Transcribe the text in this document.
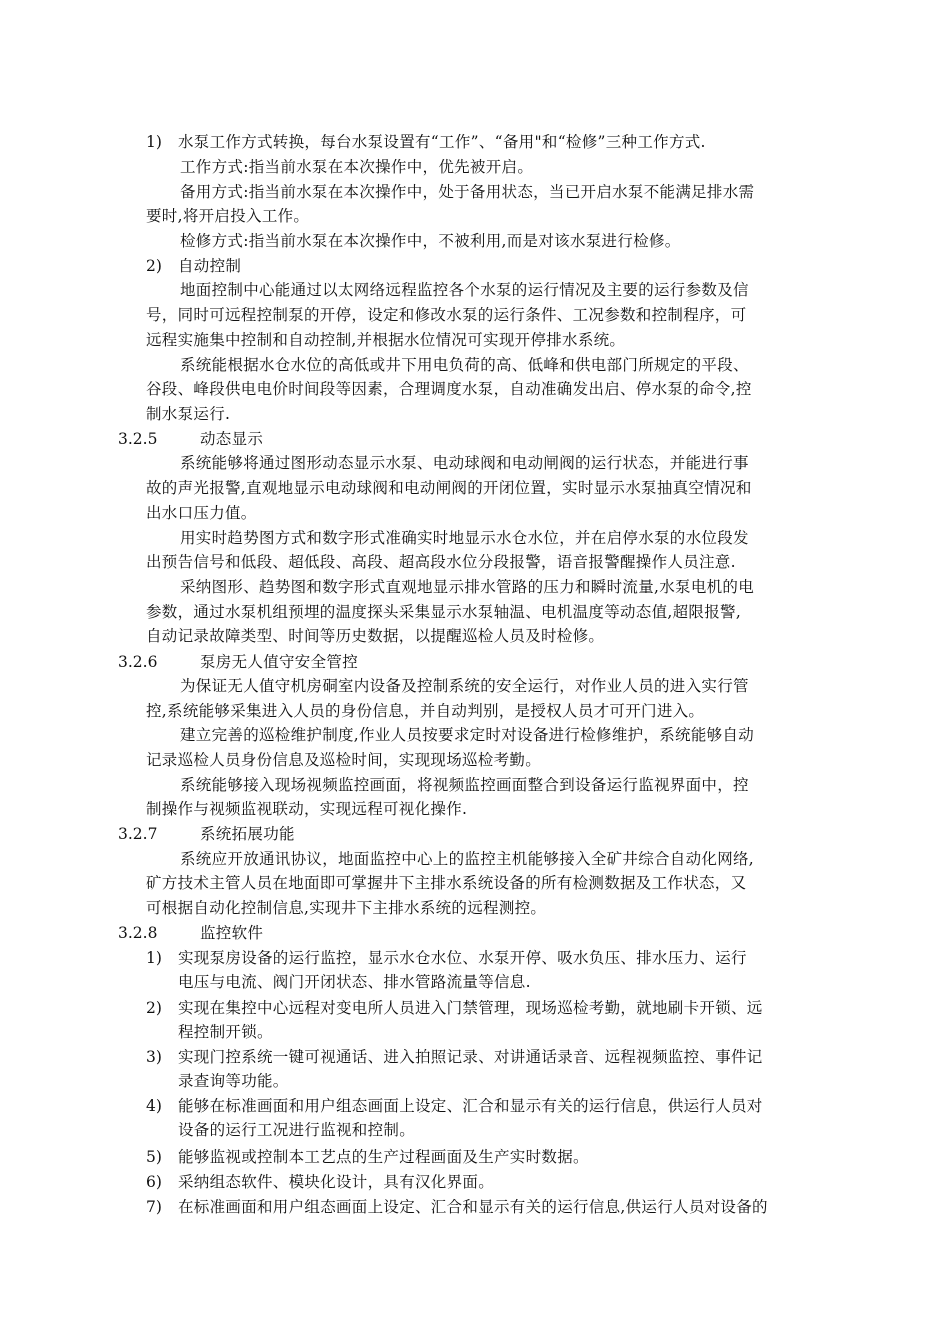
1) 水泵工作方式转换，每台水泵设置有“工作”、“备用"和“检修”三种工作方式.
工作方式:指当前水泵在本次操作中，优先被开启。
备用方式:指当前水泵在本次操作中，处于备用状态，当已开启水泵不能满足排水需
要时,将开启投入工作。
检修方式:指当前水泵在本次操作中，不被利用,而是对该水泵进行检修。
2) 自动控制
地面控制中心能通过以太网络远程监控各个水泵的运行情况及主要的运行参数及信
号，同时可远程控制泵的开停，设定和修改水泵的运行条件、工况参数和控制程序，可
远程实施集中控制和自动控制,并根据水位情况可实现开停排水系统。
系统能根据水仓水位的高低或井下用电负荷的高、低峰和供电部门所规定的平段、
谷段、峰段供电电价时间段等因素，合理调度水泵，自动准确发出启、停水泵的命令,控
制水泵运行.
3.2.5	动态显示
系统能够将通过图形动态显示水泵、电动球阀和电动闸阀的运行状态，并能进行事
故的声光报警,直观地显示电动球阀和电动闸阀的开闭位置，实时显示水泵抽真空情况和
出水口压力值。
用实时趋势图方式和数字形式准确实时地显示水仓水位，并在启停水泵的水位段发
出预告信号和低段、超低段、高段、超高段水位分段报警，语音报警醒操作人员注意.
采纳图形、趋势图和数字形式直观地显示排水管路的压力和瞬时流量,水泵电机的电
参数，通过水泵机组预埋的温度探头采集显示水泵轴温、电机温度等动态值,超限报警,
自动记录故障类型、时间等历史数据，以提醒巡检人员及时检修。
3.2.6	泵房无人值守安全管控
为保证无人值守机房硐室内设备及控制系统的安全运行，对作业人员的进入实行管
控,系统能够采集进入人员的身份信息，并自动判别，是授权人员才可开门进入。
建立完善的巡检维护制度,作业人员按要求定时对设备进行检修维护，系统能够自动
记录巡检人员身份信息及巡检时间，实现现场巡检考勤。
系统能够接入现场视频监控画面，将视频监控画面整合到设备运行监视界面中，控
制操作与视频监视联动，实现远程可视化操作.
3.2.7	系统拓展功能
系统应开放通讯协议，地面监控中心上的监控主机能够接入全矿井综合自动化网络,
矿方技术主管人员在地面即可掌握井下主排水系统设备的所有检测数据及工作状态，又
可根据自动化控制信息,实现井下主排水系统的远程测控。
3.2.8	监控软件
1) 实现泵房设备的运行监控，显示水仓水位、水泵开停、吸水负压、排水压力、运行
电压与电流、阀门开闭状态、排水管路流量等信息.
2) 实现在集控中心远程对变电所人员进入门禁管理，现场巡检考勤，就地刷卡开锁、远
程控制开锁。
3) 实现门控系统一键可视通话、进入拍照记录、对讲通话录音、远程视频监控、事件记
录查询等功能。
4) 能够在标准画面和用户组态画面上设定、汇合和显示有关的运行信息，供运行人员对
设备的运行工况进行监视和控制。
5) 能够监视或控制本工艺点的生产过程画面及生产实时数据。
6) 采纳组态软件、模块化设计，具有汉化界面。
7) 在标准画面和用户组态画面上设定、汇合和显示有关的运行信息,供运行人员对设备的
